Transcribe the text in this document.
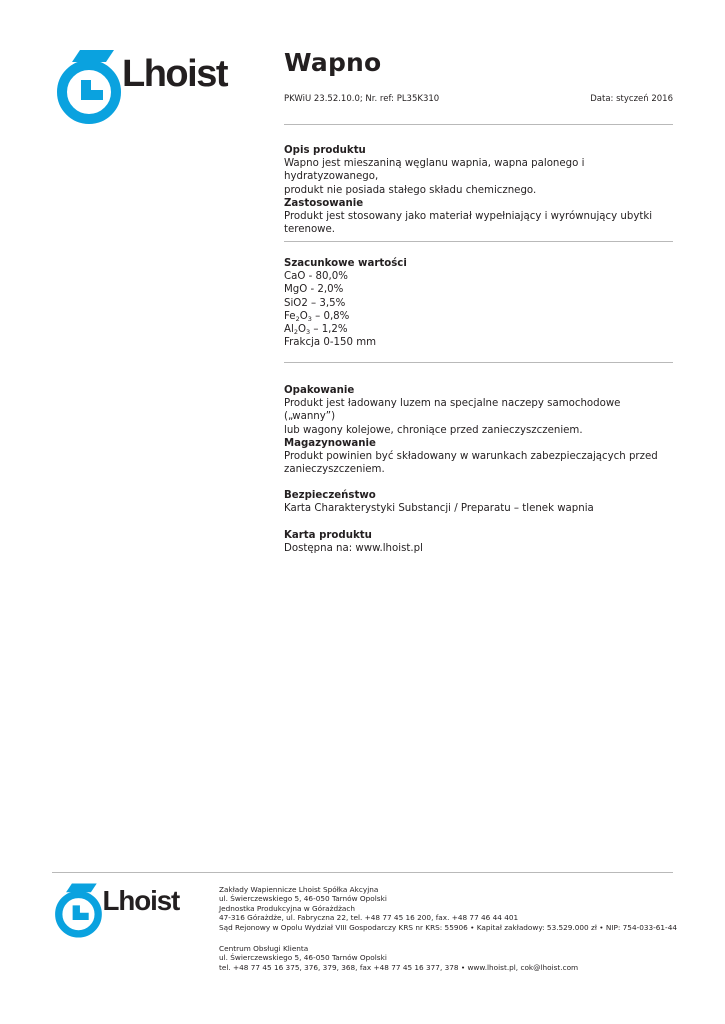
Lhoist Wapno
PKWiU 23.52.10.0; Nr. ref: PL35K310	Data: styczeń 2016
Opis produktu

Wapno jest mieszaniną węglanu wapnia, wapna palonego i hydratyzowanego,

produkt nie posiada stałego składu chemicznego.

Zastosowanie

Produkt jest stosowany jako materiał wypełniający i wyrównujący ubytki terenowe.

Szacunkowe wartości

CaO - 80,0%

MgO - 2,0%

SiO2 – 3,5%

$Fe_2O_3 - 0,8\%$

$Al_2O_3 - 1,2\%$

Frakcja 0-150 mm

Opakowanie

Produkt jest ładowany luzem na specjalne naczepy samochodowe („wanny”)

lub wagony kolejowe, chroniące przed zanieczyszczeniem.

Magazynowanie

Produkt powinien być składowany w warunkach zabezpieczających przed

zanieczyszczeniem.

Bezpieczeństwo

Karta Charakterystyki Substancji / Preparatu – tlenek wapnia

Karta produktu

Dostępna na: www.lhoist.pl

Lhoist	Zakłady Wapiennicze Lhoist Spółka Akcyjna
ul. Świerczewskiego 5, 46-050 Tarnów Opolski
Jednostka Produkcyjna w Górażdżach
47-316 Górażdże, ul. Fabryczna 22, tel. +48 77 45 16 200, fax. +48 77 46 44 401
Sąd Rejonowy w Opolu Wydział VIII Gospodarczy KRS nr KRS: 55906 • Kapitał zakładowy: 53.529.000 zł • NIP: 754-033-61-44
Centrum Obsługi Klienta
ul. Świerczewskiego 5, 46-050 Tarnów Opolski
tel. +48 77 45 16 375, 376, 379, 368, fax +48 77 45 16 377, 378 • www.lhoist.pl, cok@lhoist.com
